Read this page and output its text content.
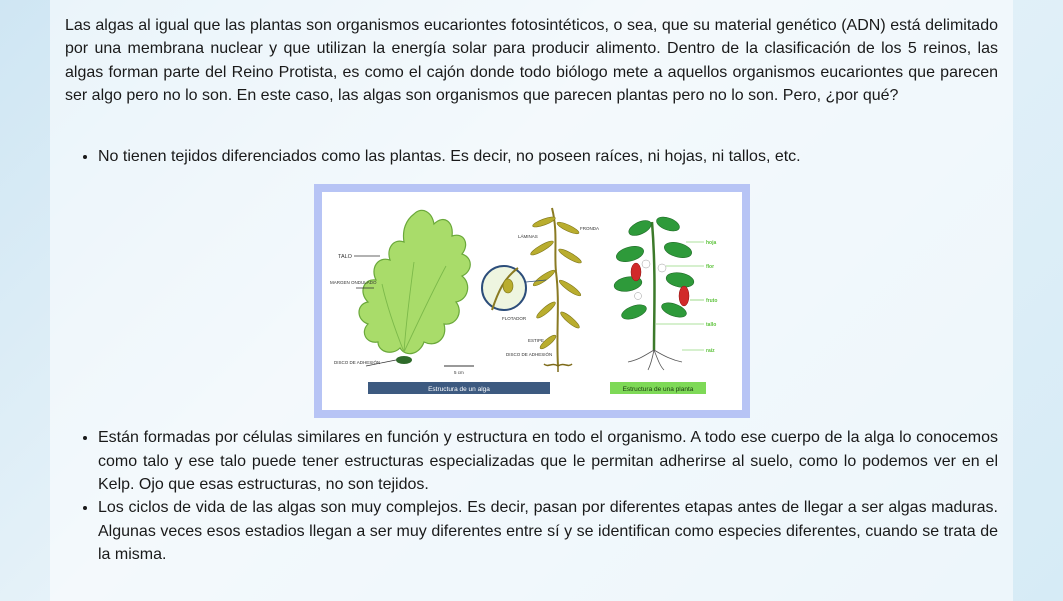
Las algas al igual que las plantas son organismos eucariontes fotosintéticos, o sea, que su material genético (ADN) está delimitado por una membrana nuclear y que utilizan la energía solar para producir alimento. Dentro de la clasificación de los 5 reinos, las algas forman parte del Reino Protista, es como el cajón donde todo biólogo mete a aquellos organismos eucariontes que parecen ser algo pero no lo son. En este caso, las algas son organismos que parecen plantas pero no lo son. Pero, ¿por qué?

• No tienen tejidos diferenciados como las plantas. Es decir, no poseen raíces, ni hojas, ni tallos, etc.
TALO
MARGEN ONDULADO
DISCO DE ADHESIÓN
5 cm
LÁMINAS
FRONDA
FLOTADOR
ESTIPE
DISCO DE ADHESIÓN
hoja
flor
fruto
tallo
raíz
Estructura de un alga	Estructura de una planta
• Están formadas por células similares en función y estructura en todo el organismo. A todo ese cuerpo de la alga lo conocemos como talo y ese talo puede tener estructuras especializadas que le permitan adherirse al suelo, como lo podemos ver en el Kelp. Ojo que esas estructuras, no son tejidos.
• Los ciclos de vida de las algas son muy complejos. Es decir, pasan por diferentes etapas antes de llegar a ser algas maduras. Algunas veces esos estadios llegan a ser muy diferentes entre sí y se identifican como especies diferentes, cuando se trata de la misma.
